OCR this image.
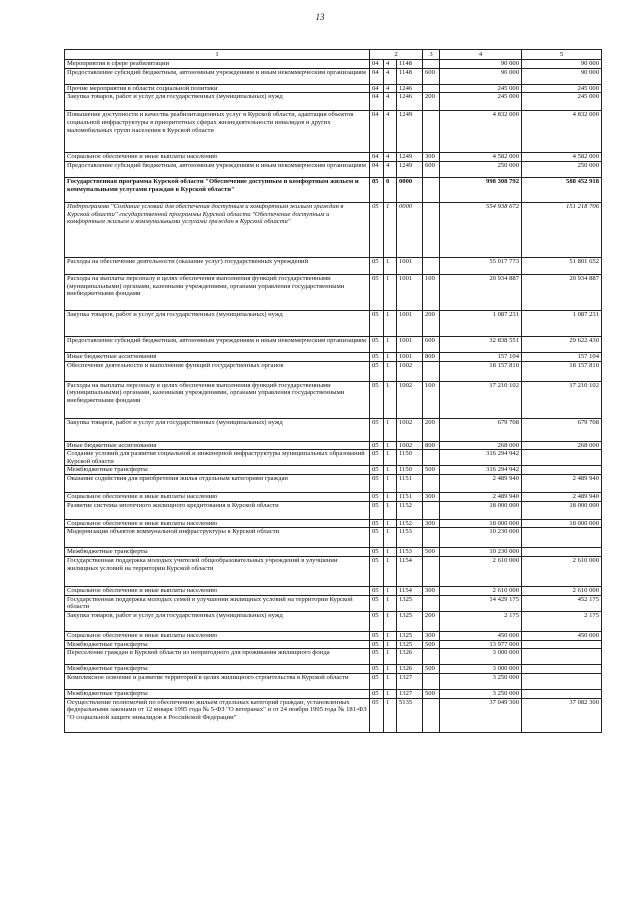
13
1	2			3	4	5
Мероприятия в сфере реабилитации	04	4	1148		90 000	90 000
Предоставление субсидий бюджетным, автономным учреждениям и иным некоммерческим организациям	04	4	1148	600	96 000	90 000
Прочие мероприятия в области социальной политики	04	4	1246		245 000	245 000
Закупка товаров, работ и услуг для государственных (муниципальных) нужд	04	4	1246	200	245 000	245 000
Повышение доступности и качества реабилитационных услуг в Курской области, адаптация объектов социальной инфраструктуры в приоритетных сферах жизнедеятельности инвалидов и других маломобильных групп населения в Курской области	04	4	1249		4 832 000	4 832 000
Социальное обеспечение и иные выплаты населению	04	4	1249	300	4 582 000	4 582 000
Предоставление субсидий бюджетным, автономным учреждениям и иным некоммерческим организациям	04	4	1249	600	250 000	250 000
Государственная программа Курской области "Обеспечение доступным и комфортным жильем и коммунальными услугами граждан в Курской области"	05	0	0000		998 308 792	588 452 918
Подпрограмма "Создание условий для обеспечения доступным и комфортным жильем граждан в Курской области" государственной программы Курской области "Обеспечение доступным и комфортным жильем и коммунальными услугами граждан в Курской области"	05	1	0000		554 938 672	151 218 706
Расходы на обеспечение деятельности (оказание услуг) государственных учреждений	05	1	1001		55 017 773	51 801 652
Расходы на выплаты персоналу в целях обеспечения выполнения функций государственными (муниципальными) органами, казенными учреждениями, органами управления государственными внебюджетными фондами	05	1	1001	100	20 934 887	20 934 887
Закупка товаров, работ и услуг для государственных (муниципальных) нужд	05	1	1001	200	1 087 231	1 087 231
Предоставление субсидий бюджетным, автономным учреждениям и иным некоммерческим организациям	05	1	1001	600	32 838 551	29 622 430
Иные бюджетные ассигнования	05	1	1001	800	157 104	157 104
Обеспечение деятельности и выполнение функций государственных органов	05	1	1002		18 157 810	18 157 810
Расходы на выплаты персоналу в целях обеспечения выполнения функций государственными (муниципальными) органами, казенными учреждениями, органами управления государственными внебюджетными фондами	05	1	1002	100	17 210 102	17 210 102
Закупка товаров, работ и услуг для государственных (муниципальных) нужд	05	1	1002	200	679 708	679 708
Иные бюджетные ассигнования	05	1	1002	800	268 000	268 000
Создание условий для развития социальной и инженерной инфраструктуры муниципальных образований Курской области	05	1	1150		316 294 942	
Межбюджетные трансферты	05	1	1150	500	316 294 942	
Оказание содействия для приобретения жилья отдельным категориям граждан	05	1	1151		2 489 940	2 489 940
Социальное обеспечение и иные выплаты населению	05	1	1151	300	2 489 940	2 489 940
Развитие системы ипотечного жилищного кредитования в Курской области	05	1	1152		18 000 000	18 000 000
Социальное обеспечение и иные выплаты населению	05	1	1152	300	18 000 000	18 000 000
Модернизация объектов коммунальной инфраструктуры в Курской области	05	1	1153		10 230 000	
Межбюджетные трансферты	05	1	1153	500	10 230 000	
Государственная поддержка молодых учителей общеобразовательных учреждений в улучшении жилищных условий на территории Курской области	05	1	1154		2 610 000	2 610 000
Социальное обеспечение и иные выплаты населению	05	1	1154	300	2 610 000	2 610 000
Государственная поддержка молодых семей в улучшении жилищных условий на территории Курской области	05	1	1325		14 429 175	452 175
Закупка товаров, работ и услуг для государственных (муниципальных) нужд	05	1	1325	200	2 175	2 175
Социальное обеспечение и иные выплаты населению	05	1	1325	300	450 000	450 000
Межбюджетные трансферты	05	1	1325	500	13 977 000	
Переселение граждан в Курской области из непригодного для проживания жилищного фонда	05	1	1326		3 000 000	
Межбюджетные трансферты	05	1	1326	500	3 000 000	
Комплексное освоение и развитие территорий в целях жилищного строительства в Курской области	05	1	1327		3 250 000	
Межбюджетные трансферты	05	1	1327	500	3 250 000	
Осуществление полномочий по обеспечению жильем отдельных категорий граждан, установленных федеральными законами от 12 января 1995 года № 5-ФЗ "О ветеранах" и от 24 ноября 1995 года № 181-ФЗ "О социальной защите инвалидов в Российской Федерации"	05	1	5135		37 049 300	37 082 300
